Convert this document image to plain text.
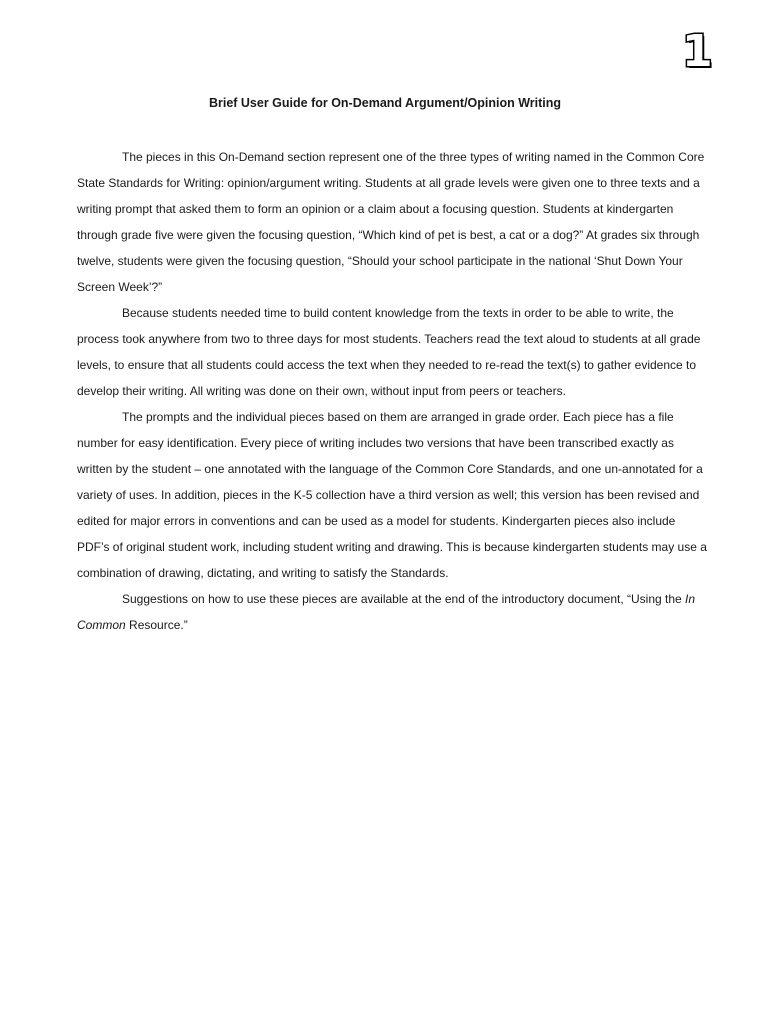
1
Brief User Guide for On-Demand Argument/Opinion Writing

The pieces in this On-Demand section represent one of the three types of writing named in the Common Core State Standards for Writing: opinion/argument writing. Students at all grade levels were given one to three texts and a writing prompt that asked them to form an opinion or a claim about a focusing question. Students at kindergarten through grade five were given the focusing question, “Which kind of pet is best, a cat or a dog?” At grades six through twelve, students were given the focusing question, “Should your school participate in the national ‘Shut Down Your Screen Week’?”

Because students needed time to build content knowledge from the texts in order to be able to write, the process took anywhere from two to three days for most students. Teachers read the text aloud to students at all grade levels, to ensure that all students could access the text when they needed to re-read the text(s) to gather evidence to develop their writing. All writing was done on their own, without input from peers or teachers.

The prompts and the individual pieces based on them are arranged in grade order. Each piece has a file number for easy identification. Every piece of writing includes two versions that have been transcribed exactly as written by the student – one annotated with the language of the Common Core Standards, and one un-annotated for a variety of uses. In addition, pieces in the K-5 collection have a third version as well; this version has been revised and edited for major errors in conventions and can be used as a model for students. Kindergarten pieces also include PDF’s of original student work, including student writing and drawing. This is because kindergarten students may use a combination of drawing, dictating, and writing to satisfy the Standards.

Suggestions on how to use these pieces are available at the end of the introductory document, “Using the In Common Resource.”
